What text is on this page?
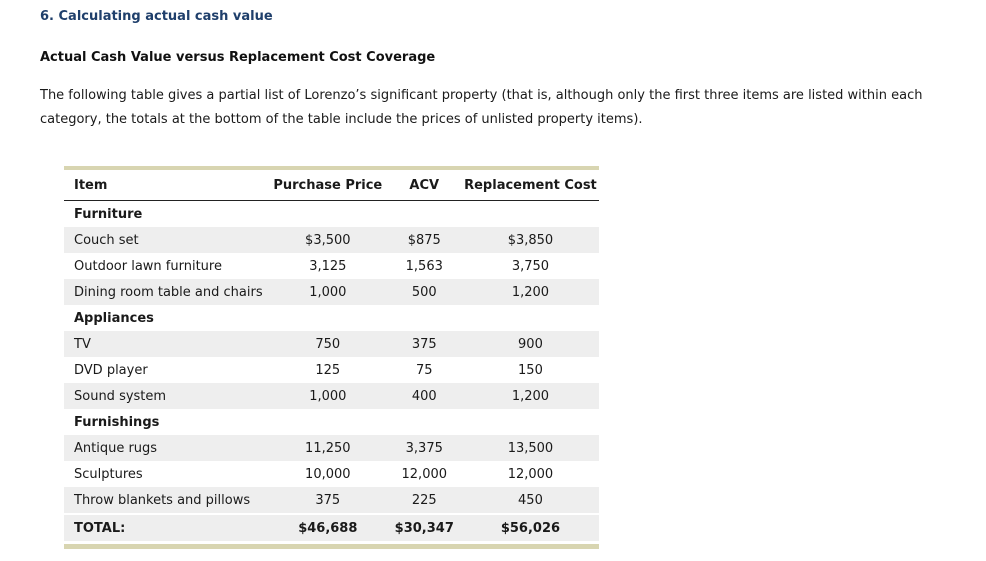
6. Calculating actual cash value
Actual Cash Value versus Replacement Cost Coverage
The following table gives a partial list of Lorenzo’s significant property (that is, although only the first three items are listed within each category, the totals at the bottom of the table include the prices of unlisted property items).

Item	Purchase Price	ACV	Replacement Cost
Furniture			
Couch set	$3,500	$875	$3,850
Outdoor lawn furniture	3,125	1,563	3,750
Dining room table and chairs	1,000	500	1,200
Appliances			
TV	750	375	900
DVD player	125	75	150
Sound system	1,000	400	1,200
Furnishings			
Antique rugs	11,250	3,375	13,500
Sculptures	10,000	12,000	12,000
Throw blankets and pillows	375	225	450

TOTAL:	$46,688	$30,347	$56,026
